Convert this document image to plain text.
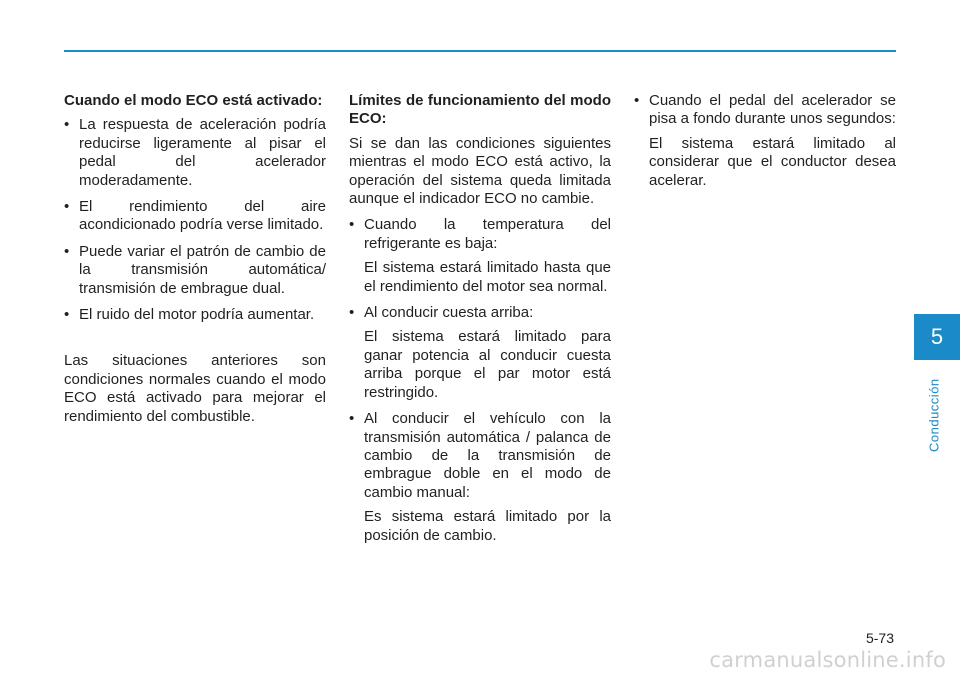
Cuando el modo ECO está activado:
• La respuesta de aceleración podría reducirse ligeramente al pisar el pedal del acelerador moderadamente.
• El rendimiento del aire acondicionado podría verse limitado.
• Puede variar el patrón de cambio de la transmisión automática/ transmisión de embrague dual.
• El ruido del motor podría aumentar.

Las situaciones anteriores son condiciones normales cuando el modo ECO está activado para mejorar el rendimiento del combustible.

Límites de funcionamiento del modo ECO:

Si se dan las condiciones siguientes mientras el modo ECO está activo, la operación del sistema queda limitada aunque el indicador ECO no cambie.

• Cuando la temperatura del refrigerante es baja:
El sistema estará limitado hasta que el rendimiento del motor sea normal.
• Al conducir cuesta arriba:
El sistema estará limitado para ganar potencia al conducir cuesta arriba porque el par motor está restringido.
• Al conducir el vehículo con la transmisión automática / palanca de cambio de la transmisión de embrague doble en el modo de cambio manual:
Es sistema estará limitado por la posición de cambio.
• Cuando el pedal del acelerador se pisa a fondo durante unos segundos:
El sistema estará limitado al considerar que el conductor desea acelerar.
5
Conducción
5-73
carmanualsonline.info
